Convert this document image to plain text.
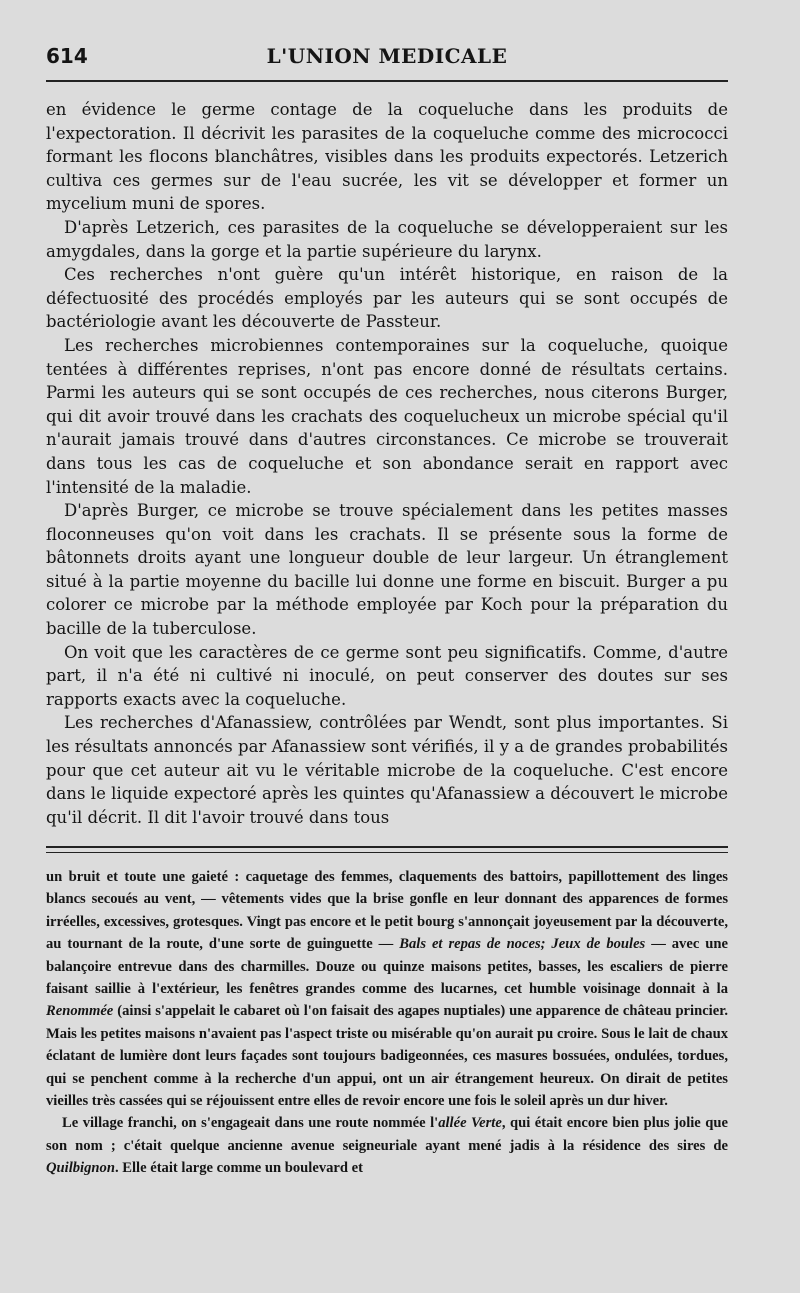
614	L'UNION MEDICALE

en évidence le germe contage de la coqueluche dans les produits de l'expectoration. Il décrivit les parasites de la coqueluche comme des micrococci formant les flocons blanchâtres, visibles dans les produits expectorés. Letzerich cultiva ces germes sur de l'eau sucrée, les vit se développer et former un mycelium muni de spores.

D'après Letzerich, ces parasites de la coqueluche se développeraient sur les amygdales, dans la gorge et la partie supérieure du larynx.

Ces recherches n'ont guère qu'un intérêt historique, en raison de la défectuosité des procédés employés par les auteurs qui se sont occupés de bactériologie avant les découverte de Passteur.

Les recherches microbiennes contemporaines sur la coqueluche, quoique tentées à différentes reprises, n'ont pas encore donné de résultats certains. Parmi les auteurs qui se sont occupés de ces recherches, nous citerons Burger, qui dit avoir trouvé dans les crachats des coquelucheux un microbe spécial qu'il n'aurait jamais trouvé dans d'autres circonstances. Ce microbe se trouverait dans tous les cas de coqueluche et son abondance serait en rapport avec l'intensité de la maladie.

D'après Burger, ce microbe se trouve spécialement dans les petites masses floconneuses qu'on voit dans les crachats. Il se présente sous la forme de bâtonnets droits ayant une longueur double de leur largeur. Un étranglement situé à la partie moyenne du bacille lui donne une forme en biscuit. Burger a pu colorer ce microbe par la méthode employée par Koch pour la préparation du bacille de la tuberculose.

On voit que les caractères de ce germe sont peu significatifs. Comme, d'autre part, il n'a été ni cultivé ni inoculé, on peut conserver des doutes sur ses rapports exacts avec la coqueluche.

Les recherches d'Afanassiew, contrôlées par Wendt, sont plus importantes. Si les résultats annoncés par Afanassiew sont vérifiés, il y a de grandes probabilités pour que cet auteur ait vu le véritable microbe de la coqueluche. C'est encore dans le liquide expectoré après les quintes qu'Afanassiew a découvert le microbe qu'il décrit. Il dit l'avoir trouvé dans tous

un bruit et toute une gaieté : caquetage des femmes, claquements des battoirs, papillottement des linges blancs secoués au vent, — vêtements vides que la brise gonfle en leur donnant des apparences de formes irréelles, excessives, grotesques. Vingt pas encore et le petit bourg s'annonçait joyeusement par la découverte, au tournant de la route, d'une sorte de guinguette — Bals et repas de noces; Jeux de boules — avec une balançoire entrevue dans des charmilles. Douze ou quinze maisons petites, basses, les escaliers de pierre faisant saillie à l'extérieur, les fenêtres grandes comme des lucarnes, cet humble voisinage donnait à la Renommée (ainsi s'appelait le cabaret où l'on faisait des agapes nuptiales) une apparence de château princier. Mais les petites maisons n'avaient pas l'aspect triste ou misérable qu'on aurait pu croire. Sous le lait de chaux éclatant de lumière dont leurs façades sont toujours badigeonnées, ces masures bossuées, ondulées, tordues, qui se penchent comme à la recherche d'un appui, ont un air étrangement heureux. On dirait de petites vieilles très cassées qui se réjouissent entre elles de revoir encore une fois le soleil après un dur hiver.

Le village franchi, on s'engageait dans une route nommée l'allée Verte, qui était encore bien plus jolie que son nom ; c'était quelque ancienne avenue seigneuriale ayant mené jadis à la résidence des sires de Quilbignon. Elle était large comme un boulevard et
